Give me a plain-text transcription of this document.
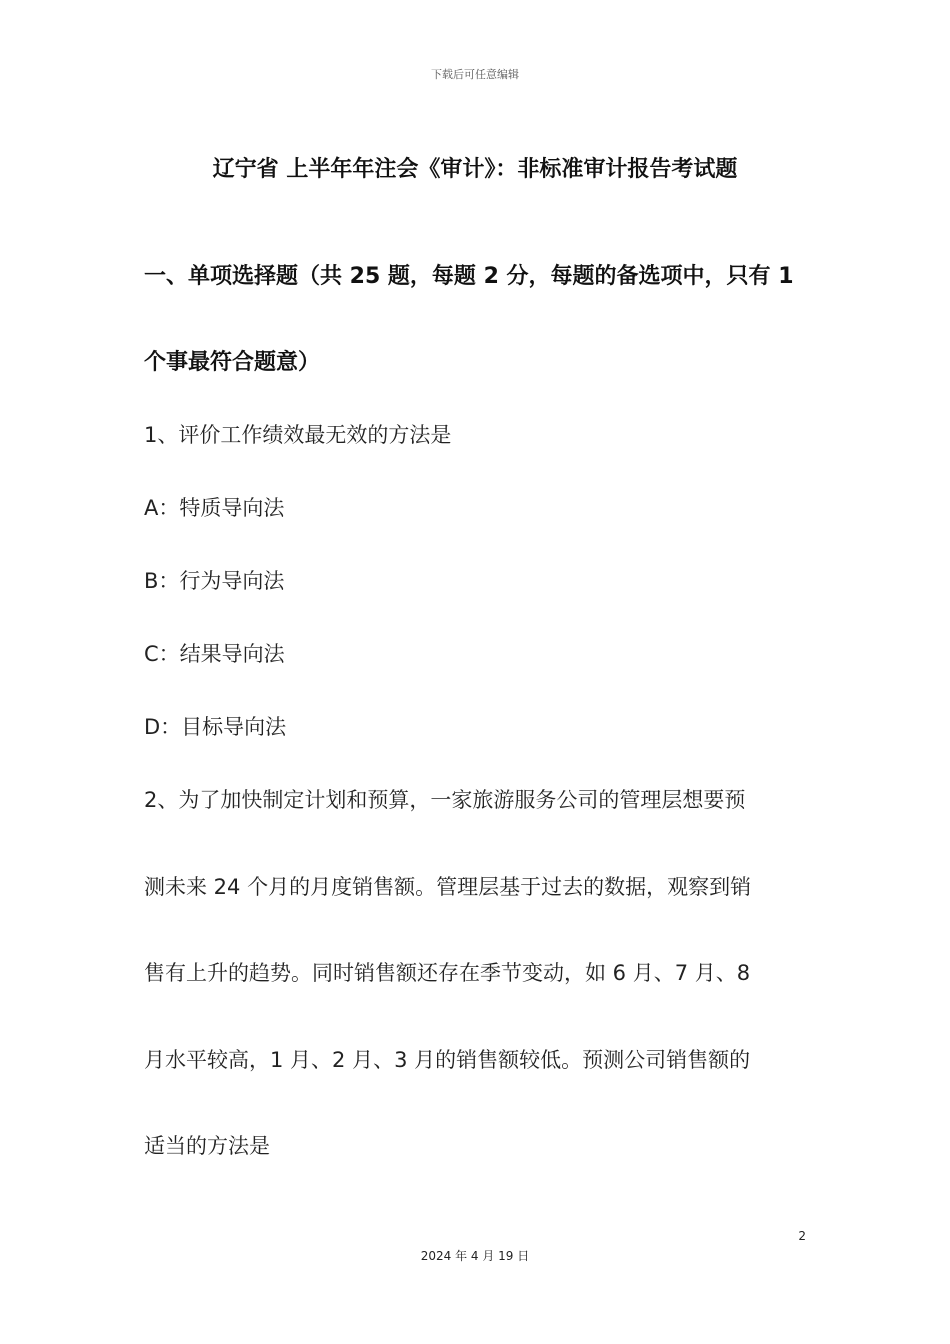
下载后可任意编辑
辽宁省 上半年年注会《审计》：非标准审计报告考试题
一、单项选择题（共 25 题，每题 2 分，每题的备选项中，只有 1
个事最符合题意）
1、评价工作绩效最无效的方法是
A：特质导向法
B：行为导向法
C：结果导向法
D：目标导向法
2、为了加快制定计划和预算，一家旅游服务公司的管理层想要预
测未来 24 个月的月度销售额。管理层基于过去的数据，观察到销
售有上升的趋势。同时销售额还存在季节变动，如 6 月、7 月、8
月水平较高，1 月、2 月、3 月的销售额较低。预测公司销售额的
适当的方法是
2
2024 年 4 月 19 日
